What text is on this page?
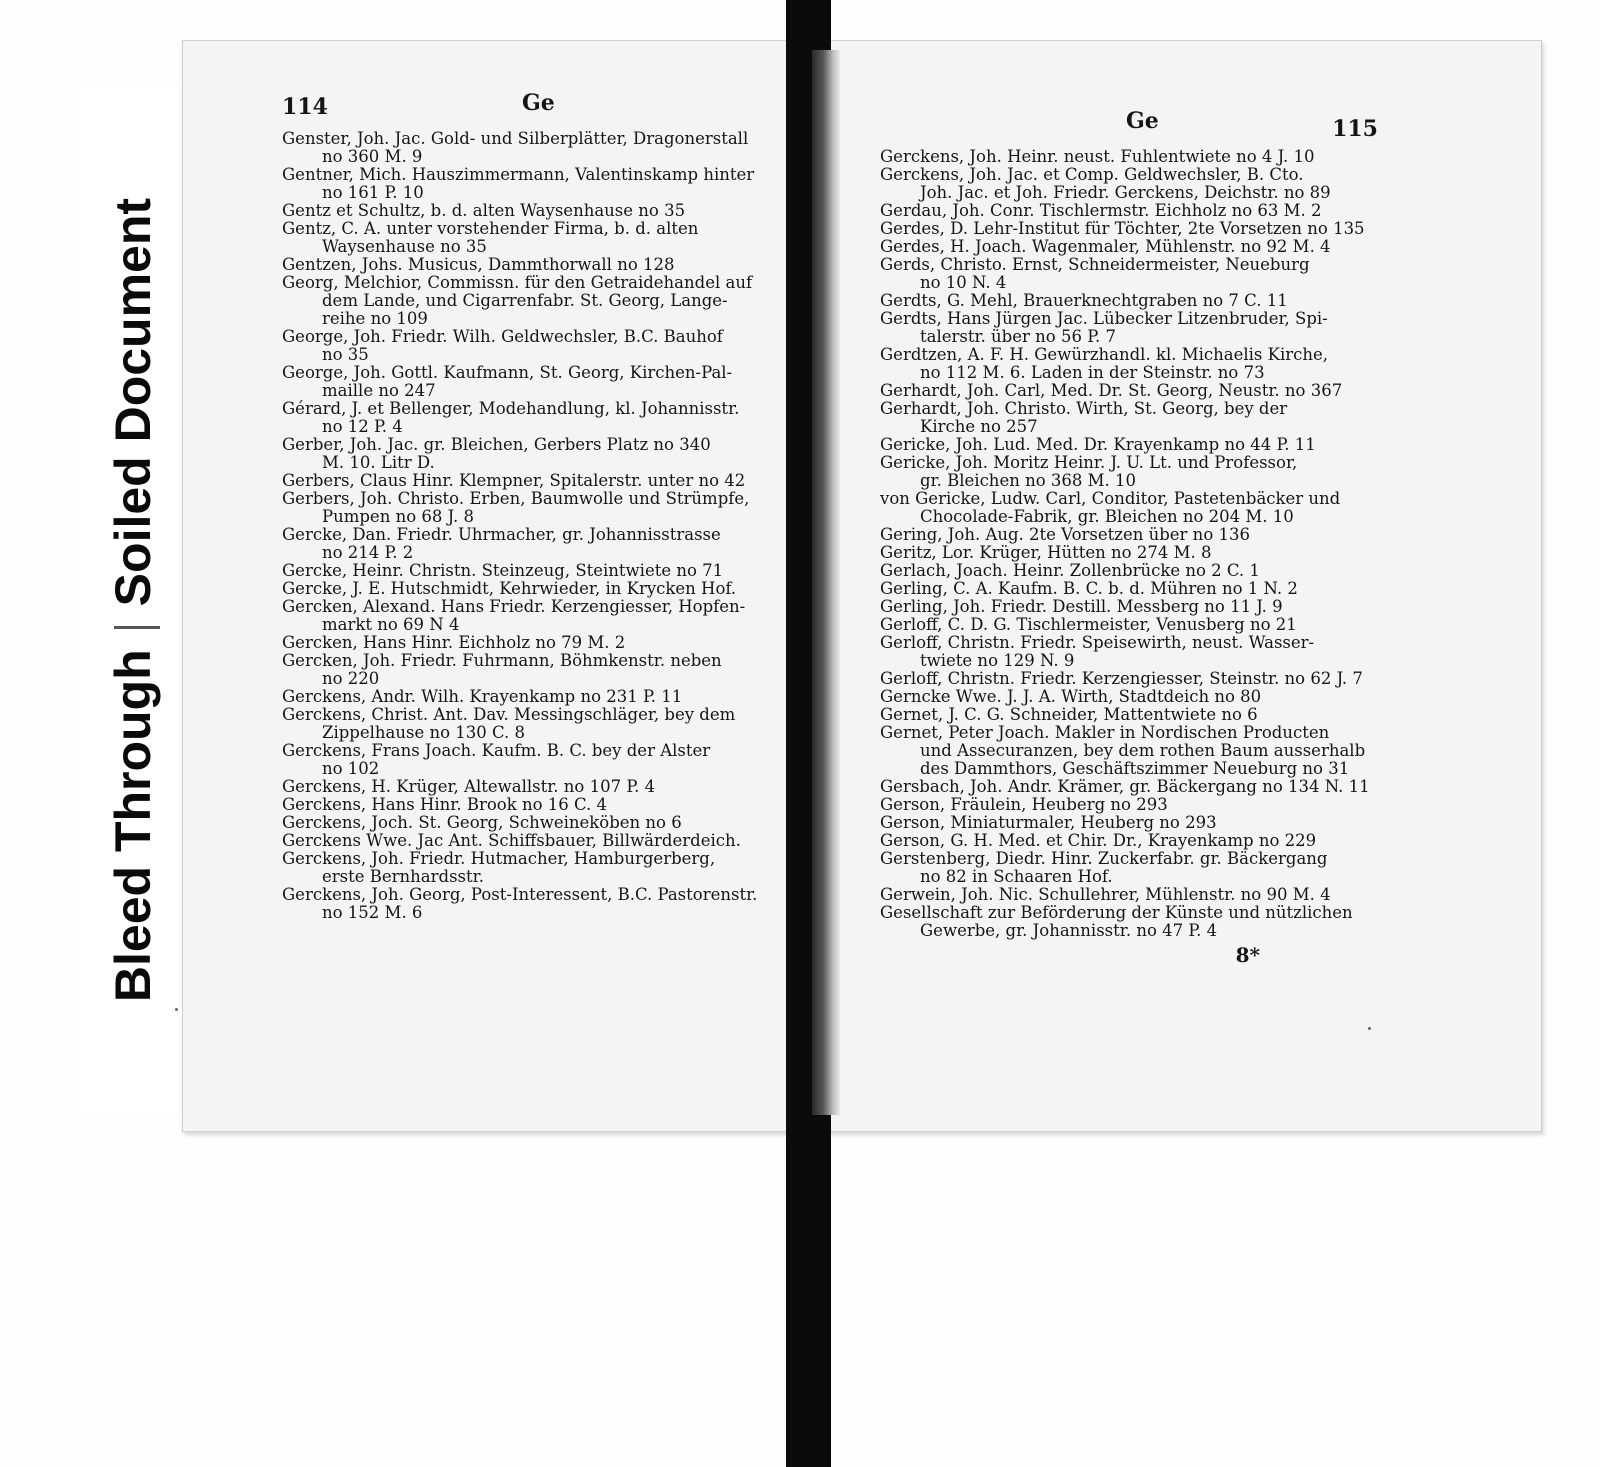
Bleed ThroughSoiled Document
114	Ge
Genster, Joh. Jac. Gold- und Silberplätter, Dragonerstall
no 360 M. 9
Gentner, Mich. Hauszimmermann, Valentinskamp hinter
no 161 P. 10
Gentz et Schultz, b. d. alten Waysenhause no 35
Gentz, C. A. unter vorstehender Firma, b. d. alten
Waysenhause no 35
Gentzen, Johs. Musicus, Dammthorwall no 128
Georg, Melchior, Commissn. für den Getraidehandel auf
dem Lande, und Cigarrenfabr. St. Georg, Lange-
reihe no 109
George, Joh. Friedr. Wilh. Geldwechsler, B.C. Bauhof
no 35
George, Joh. Gottl. Kaufmann, St. Georg, Kirchen-Pal-
maille no 247
Gérard, J. et Bellenger, Modehandlung, kl. Johannisstr.
no 12 P. 4
Gerber, Joh. Jac. gr. Bleichen, Gerbers Platz no 340
M. 10. Litr D.
Gerbers, Claus Hinr. Klempner, Spitalerstr. unter no 42
Gerbers, Joh. Christo. Erben, Baumwolle und Strümpfe,
Pumpen no 68 J. 8
Gercke, Dan. Friedr. Uhrmacher, gr. Johannisstrasse
no 214 P. 2
Gercke, Heinr. Christn. Steinzeug, Steintwiete no 71
Gercke, J. E. Hutschmidt, Kehrwieder, in Krycken Hof.
Gercken, Alexand. Hans Friedr. Kerzengiesser, Hopfen-
markt no 69 N 4
Gercken, Hans Hinr. Eichholz no 79 M. 2
Gercken, Joh. Friedr. Fuhrmann, Böhmkenstr. neben
no 220
Gerckens, Andr. Wilh. Krayenkamp no 231 P. 11
Gerckens, Christ. Ant. Dav. Messingschläger, bey dem
Zippelhause no 130 C. 8
Gerckens, Frans Joach. Kaufm. B. C. bey der Alster
no 102
Gerckens, H. Krüger, Altewallstr. no 107 P. 4
Gerckens, Hans Hinr. Brook no 16 C. 4
Gerckens, Joch. St. Georg, Schweineköben no 6
Gerckens Wwe. Jac Ant. Schiffsbauer, Billwärderdeich.
Gerckens, Joh. Friedr. Hutmacher, Hamburgerberg,
erste Bernhardsstr.
Gerckens, Joh. Georg, Post-Interessent, B.C. Pastorenstr.
no 152 M. 6
Ge	115
Gerckens, Joh. Heinr. neust. Fuhlentwiete no 4 J. 10
Gerckens, Joh. Jac. et Comp. Geldwechsler, B. Cto.
Joh. Jac. et Joh. Friedr. Gerckens, Deichstr. no 89
Gerdau, Joh. Conr. Tischlermstr. Eichholz no 63 M. 2
Gerdes, D. Lehr-Institut für Töchter, 2te Vorsetzen no 135
Gerdes, H. Joach. Wagenmaler, Mühlenstr. no 92 M. 4
Gerds, Christo. Ernst, Schneidermeister, Neueburg
no 10 N. 4
Gerdts, G. Mehl, Brauerknechtgraben no 7 C. 11
Gerdts, Hans Jürgen Jac. Lübecker Litzenbruder, Spi-
talerstr. über no 56 P. 7
Gerdtzen, A. F. H. Gewürzhandl. kl. Michaelis Kirche,
no 112 M. 6. Laden in der Steinstr. no 73
Gerhardt, Joh. Carl, Med. Dr. St. Georg, Neustr. no 367
Gerhardt, Joh. Christo. Wirth, St. Georg, bey der
Kirche no 257
Gericke, Joh. Lud. Med. Dr. Krayenkamp no 44 P. 11
Gericke, Joh. Moritz Heinr. J. U. Lt. und Professor,
gr. Bleichen no 368 M. 10
von Gericke, Ludw. Carl, Conditor, Pastetenbäcker und
Chocolade-Fabrik, gr. Bleichen no 204 M. 10
Gering, Joh. Aug. 2te Vorsetzen über no 136
Geritz, Lor. Krüger, Hütten no 274 M. 8
Gerlach, Joach. Heinr. Zollenbrücke no 2 C. 1
Gerling, C. A. Kaufm. B. C. b. d. Mühren no 1 N. 2
Gerling, Joh. Friedr. Destill. Messberg no 11 J. 9
Gerloff, C. D. G. Tischlermeister, Venusberg no 21
Gerloff, Christn. Friedr. Speisewirth, neust. Wasser-
twiete no 129 N. 9
Gerloff, Christn. Friedr. Kerzengiesser, Steinstr. no 62 J. 7
Gerncke Wwe. J. J. A. Wirth, Stadtdeich no 80
Gernet, J. C. G. Schneider, Mattentwiete no 6
Gernet, Peter Joach. Makler in Nordischen Producten
und Assecuranzen, bey dem rothen Baum ausserhalb
des Dammthors, Geschäftszimmer Neueburg no 31
Gersbach, Joh. Andr. Krämer, gr. Bäckergang no 134 N. 11
Gerson, Fräulein, Heuberg no 293
Gerson, Miniaturmaler, Heuberg no 293
Gerson, G. H. Med. et Chir. Dr., Krayenkamp no 229
Gerstenberg, Diedr. Hinr. Zuckerfabr. gr. Bäckergang
no 82 in Schaaren Hof.
Gerwein, Joh. Nic. Schullehrer, Mühlenstr. no 90 M. 4
Gesellschaft zur Beförderung der Künste und nützlichen
Gewerbe, gr. Johannisstr. no 47 P. 4
8*
